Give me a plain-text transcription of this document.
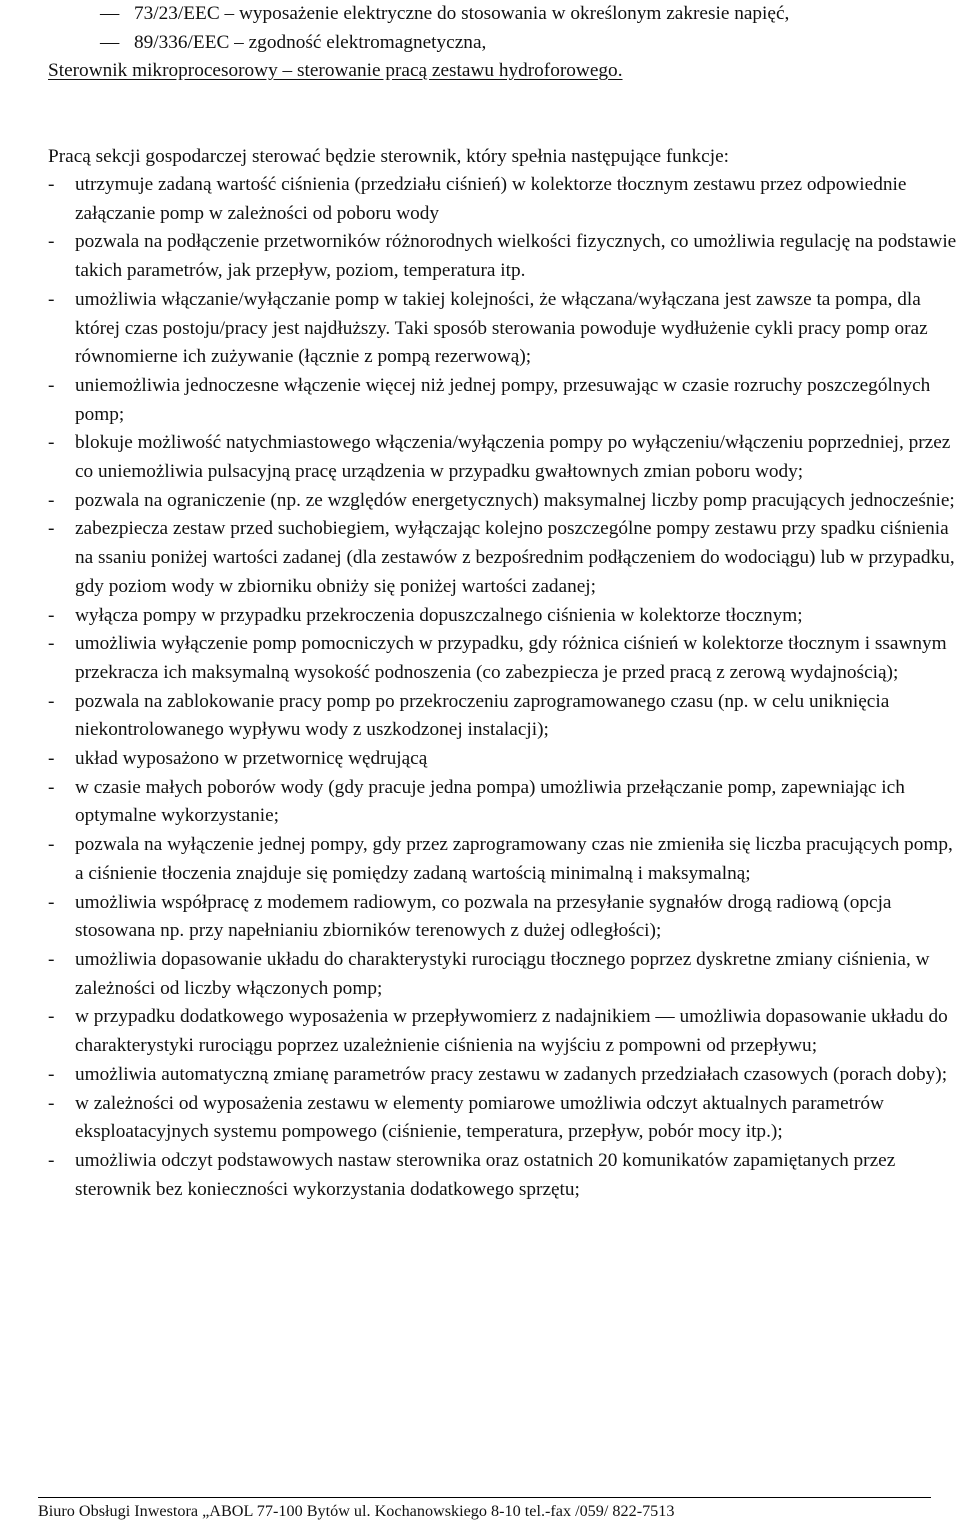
— 73/23/EEC – wyposażenie elektryczne do stosowania w określonym zakresie napięć,
— 89/336/EEC – zgodność elektromagnetyczna,
Sterownik mikroprocesorowy – sterowanie pracą zestawu hydroforowego.
Pracą sekcji gospodarczej sterować będzie sterownik, który spełnia następujące funkcje:
-	utrzymuje zadaną wartość ciśnienia (przedziału ciśnień) w kolektorze tłocznym zestawu przez odpowiednie załączanie pomp w zależności od poboru wody
-	pozwala na podłączenie przetworników różnorodnych wielkości fizycznych, co umożliwia regulację na podstawie takich parametrów, jak przepływ, poziom, temperatura itp.
-	umożliwia włączanie/wyłączanie pomp w takiej kolejności, że włączana/wyłączana jest zawsze ta pompa, dla której czas postoju/pracy jest najdłuższy. Taki sposób sterowania powoduje wydłużenie cykli pracy pomp oraz równomierne ich zużywanie (łącznie z pompą rezerwową);
-	uniemożliwia jednoczesne włączenie więcej niż jednej pompy, przesuwając w czasie rozruchy poszczególnych pomp;
-	blokuje możliwość natychmiastowego włączenia/wyłączenia pompy po wyłączeniu/włączeniu poprzedniej, przez co uniemożliwia pulsacyjną pracę urządzenia w przypadku gwałtownych zmian poboru wody;
-	pozwala na ograniczenie (np. ze względów energetycznych) maksymalnej liczby pomp pracujących jednocześnie;
-	zabezpiecza zestaw przed suchobiegiem, wyłączając kolejno poszczególne pompy zestawu przy spadku ciśnienia na ssaniu poniżej wartości zadanej (dla zestawów z bezpośrednim podłączeniem do wodociągu) lub w przypadku, gdy poziom wody w zbiorniku obniży się poniżej wartości zadanej;
-	wyłącza pompy w przypadku przekroczenia dopuszczalnego ciśnienia w kolektorze tłocznym;
-	umożliwia wyłączenie pomp pomocniczych w przypadku, gdy różnica ciśnień w kolektorze tłocznym i ssawnym przekracza ich maksymalną wysokość podnoszenia (co zabezpiecza je przed pracą z zerową wydajnością);
-	pozwala na zablokowanie pracy pomp po przekroczeniu zaprogramowanego czasu (np. w celu uniknięcia niekontrolowanego wypływu wody z uszkodzonej instalacji);
-	układ wyposażono w przetwornicę wędrującą
-	w czasie małych poborów wody (gdy pracuje jedna pompa) umożliwia przełączanie pomp, zapewniając ich optymalne wykorzystanie;
-	pozwala na wyłączenie jednej pompy, gdy przez zaprogramowany czas nie zmieniła się liczba pracujących pomp, a ciśnienie tłoczenia znajduje się pomiędzy zadaną wartością minimalną i maksymalną;
-	umożliwia współpracę z modemem radiowym, co pozwala na przesyłanie sygnałów drogą radiową (opcja stosowana np. przy napełnianiu zbiorników terenowych z dużej odległości);
-	umożliwia dopasowanie układu do charakterystyki rurociągu tłocznego poprzez dyskretne zmiany ciśnienia, w zależności od liczby włączonych pomp;
-	w przypadku dodatkowego wyposażenia w przepływomierz z nadajnikiem — umożliwia dopasowanie układu do charakterystyki rurociągu poprzez uzależnienie ciśnienia na wyjściu z pompowni od przepływu;
-	umożliwia automatyczną zmianę parametrów pracy zestawu w zadanych przedziałach czasowych (porach doby);
-	w zależności od wyposażenia zestawu w elementy pomiarowe umożliwia odczyt aktualnych parametrów eksploatacyjnych systemu pompowego (ciśnienie, temperatura, przepływ, pobór mocy itp.);
-	umożliwia odczyt podstawowych nastaw sterownika oraz ostatnich 20 komunikatów zapamiętanych przez sterownik bez konieczności wykorzystania dodatkowego sprzętu;
Biuro Obsługi Inwestora „ABOL 77-100 Bytów ul. Kochanowskiego 8-10 tel.-fax /059/ 822-7513
